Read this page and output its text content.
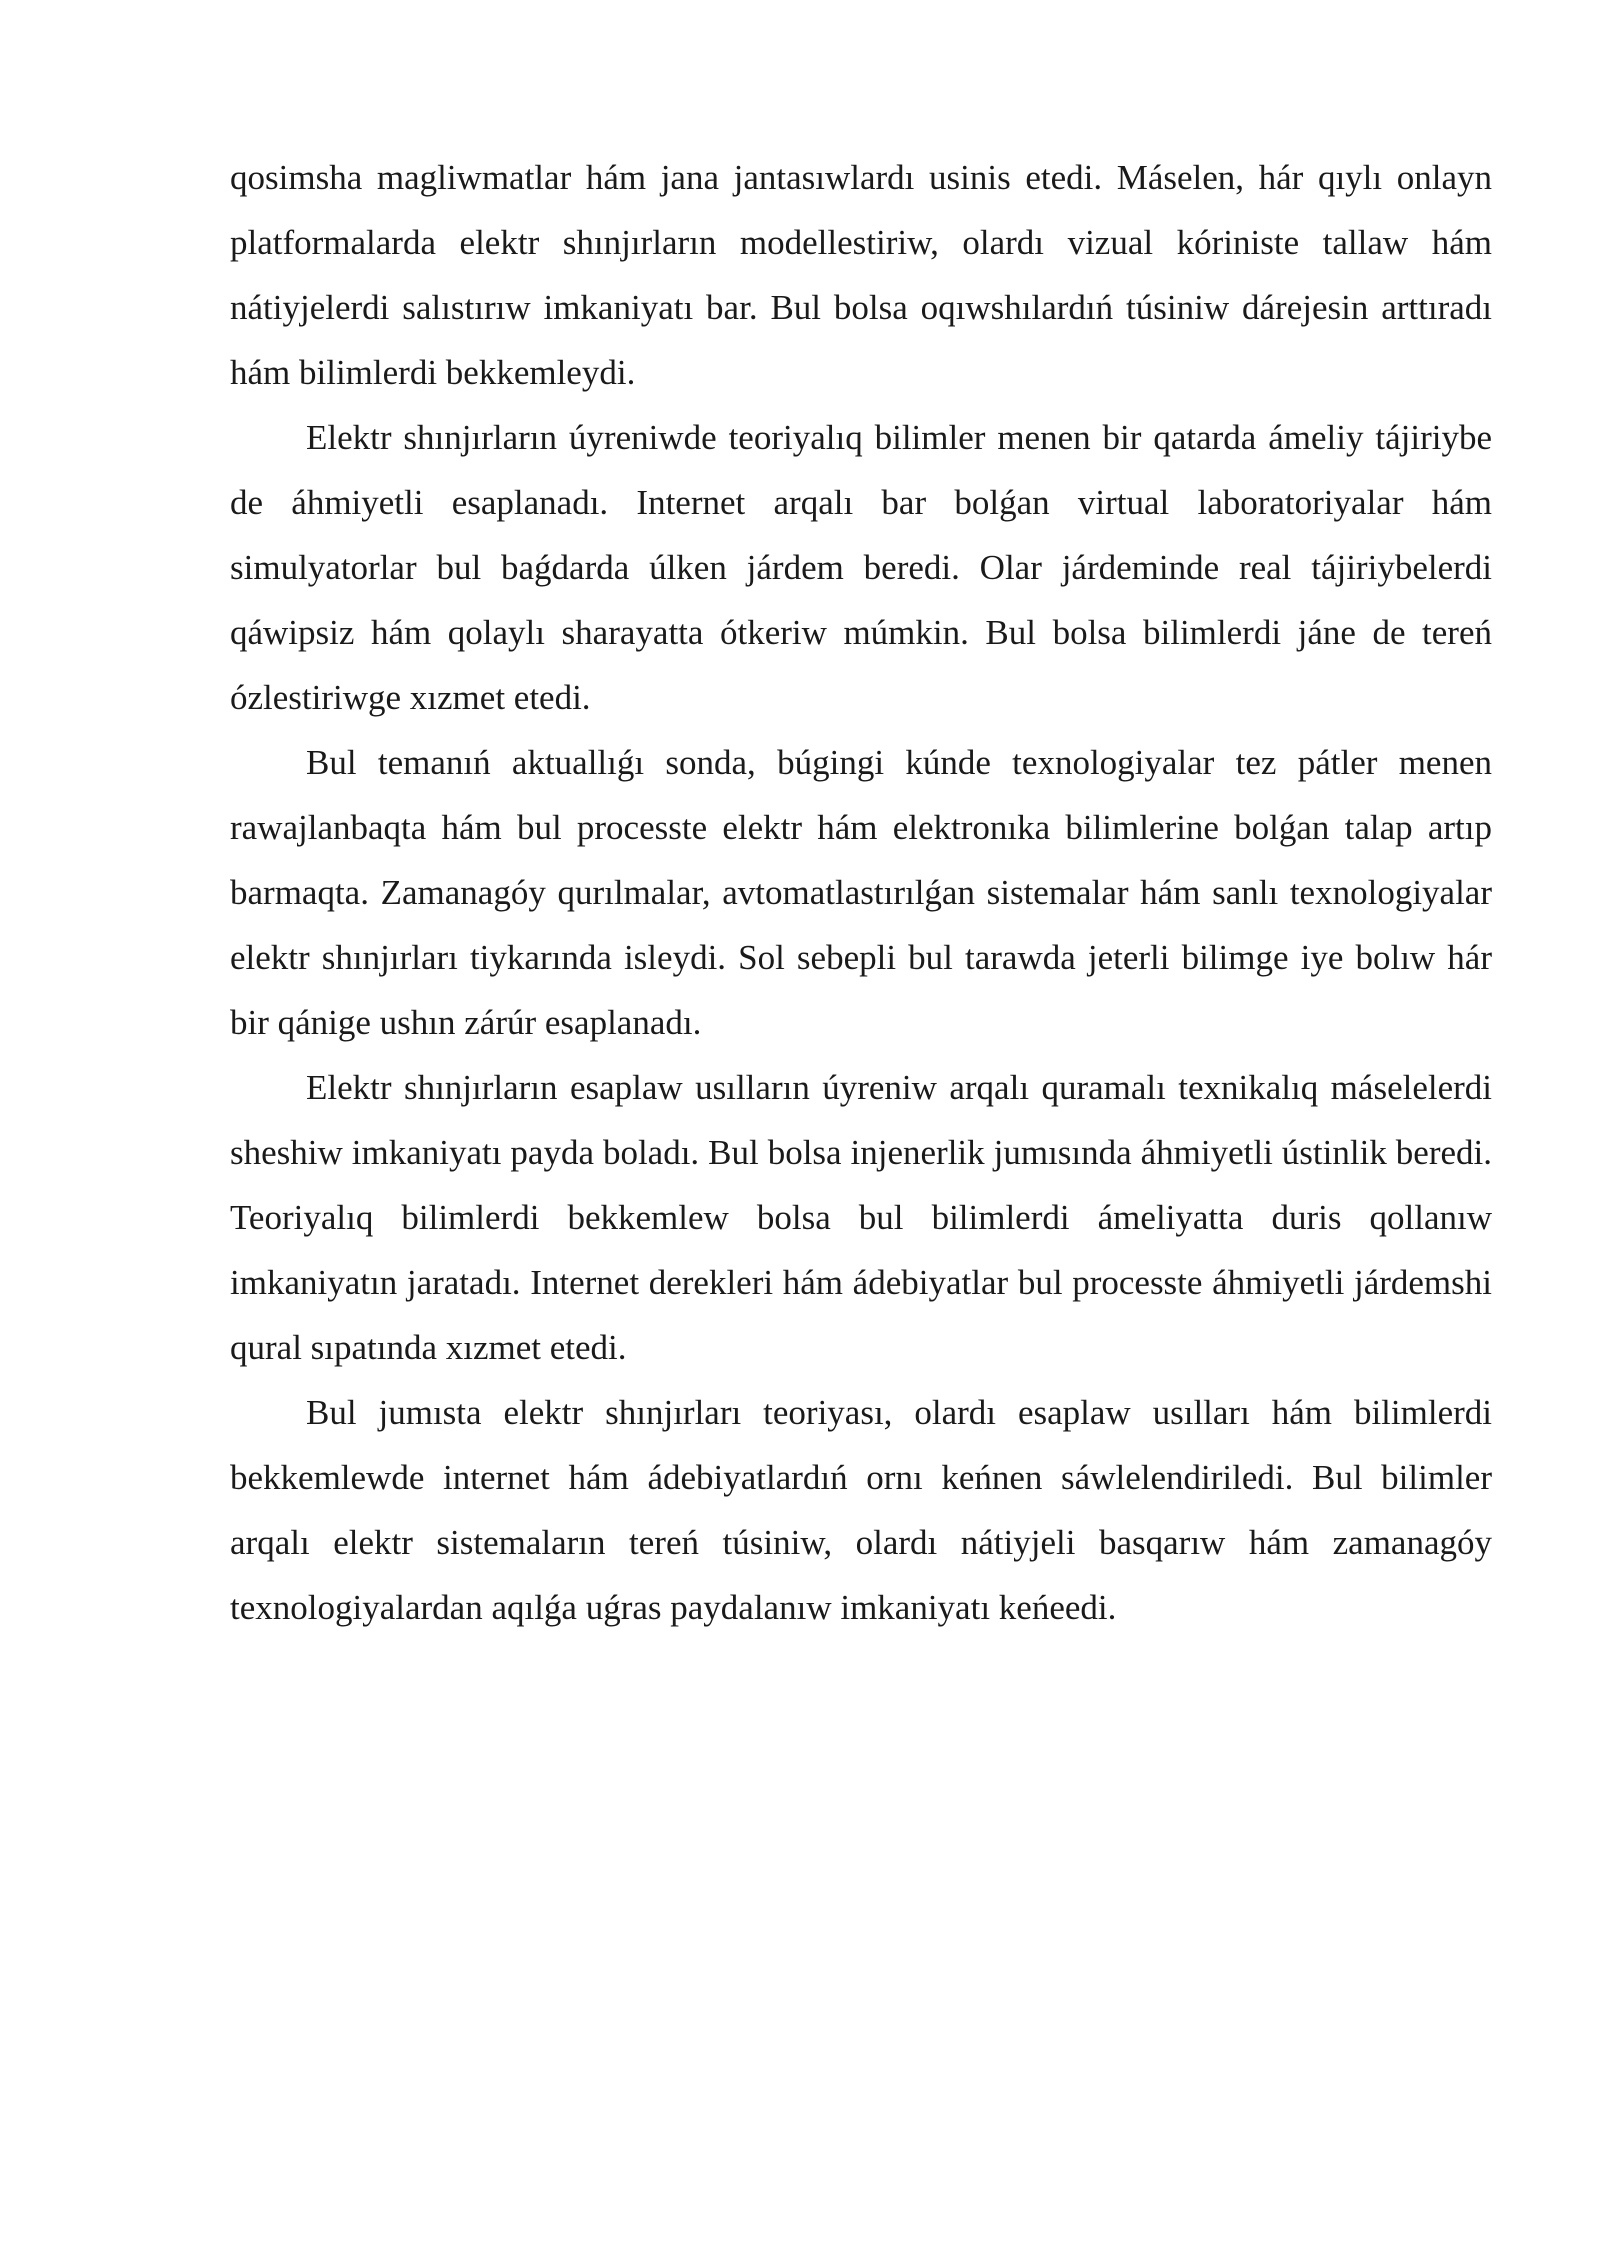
qosimsha magliwmatlar hám jana jantasıwlardı usinis etedi. Máselen, hár qıylı onlayn platformalarda elektr shınjırların modellestiriw, olardı vizual kóriniste tallaw hám nátiyjelerdi salıstırıw imkaniyatı bar. Bul bolsa oqıwshılardıń túsiniw dárejesin arttıradı hám bilimlerdi bekkemleydi.

Elektr shınjırların úyreniwde teoriyalıq bilimler menen bir qatarda ámeliy tájiriybe de áhmiyetli esaplanadı. Internet arqalı bar bolǵan virtual laboratoriyalar hám simulyatorlar bul baǵdarda úlken járdem beredi. Olar járdeminde real tájiriybelerdi qáwipsiz hám qolaylı sharayatta ótkeriw múmkin. Bul bolsa bilimlerdi jáne de tereń ózlestiriwge xızmet etedi.

Bul temanıń aktuallıǵı sonda, búgingi kúnde texnologiyalar tez pátler menen rawajlanbaqta hám bul processte elektr hám elektronıka bilimlerine bolǵan talap artıp barmaqta. Zamanagóy qurılmalar, avtomatlastırılǵan sistemalar hám sanlı texnologiyalar elektr shınjırları tiykarında isleydi. Sol sebepli bul tarawda jeterli bilimge iye bolıw hár bir qánige ushın zárúr esaplanadı.

Elektr shınjırların esaplaw usılların úyreniw arqalı quramalı texnikalıq máselelerdi sheshiw imkaniyatı payda boladı. Bul bolsa injenerlik jumısında áhmiyetli ústinlik beredi. Teoriyalıq bilimlerdi bekkemlew bolsa bul bilimlerdi ámeliyatta duris qollanıw imkaniyatın jaratadı. Internet derekleri hám ádebiyatlar bul processte áhmiyetli járdemshi qural sıpatında xızmet etedi.

Bul jumısta elektr shınjırları teoriyası, olardı esaplaw usılları hám bilimlerdi bekkemlewde internet hám ádebiyatlardıń ornı keńnen sáwlelendiriledi. Bul bilimler arqalı elektr sistemaların tereń túsiniw, olardı nátiyjeli basqarıw hám zamanagóy texnologiyalardan aqılǵa uǵras paydalanıw imkaniyatı keńeedi.
